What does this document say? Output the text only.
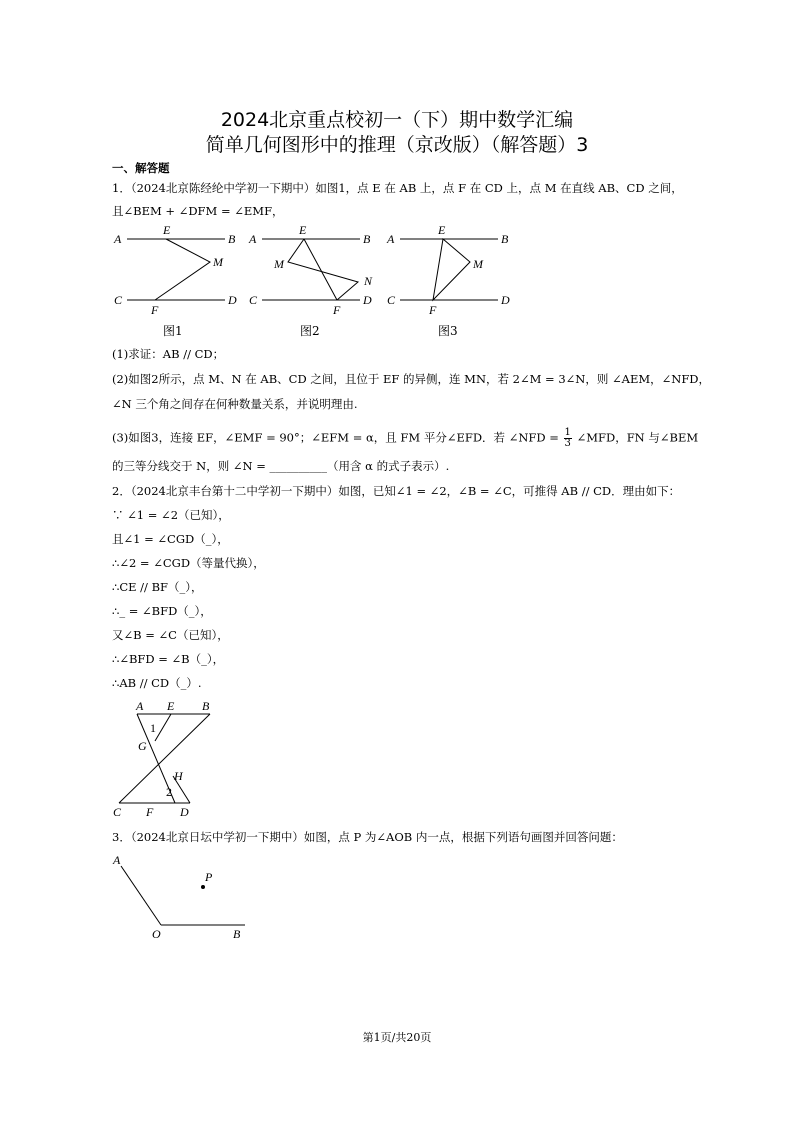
2024北京重点校初一（下）期中数学汇编
简单几何图形中的推理（京改版）（解答题）3
一、解答题
1．（2024北京陈经纶中学初一下期中）如图1，点 E 在 AB 上，点 F 在 CD 上，点 M 在直线 AB、CD 之间，
且∠BEM + ∠DFM = ∠EMF，
A
E
B
M
C
F
D
A
E
B
M
N
C
F
D
A
E
B
M
C
F
D
图1	图2	图3
(1)求证：AB // CD；
(2)如图2所示，点 M、N 在 AB、CD 之间，且位于 EF 的异侧，连 MN，若 2∠M = 3∠N，则 ∠AEM，∠NFD，
∠N 三个角之间存在何种数量关系，并说明理由.
(3)如图3，连接 EF，∠EMF = 90°；∠EFM = α，且 FM 平分∠EFD．若 ∠NFD = $\frac{1}{3}$ ∠MFD，FN 与∠BEM
的三等分线交于 N，则 ∠N = __________（用含 α 的式子表示）.
2．（2024北京丰台第十二中学初一下期中）如图，已知∠1 = ∠2，∠B = ∠C，可推得 AB // CD．理由如下：
∵ ∠1 = ∠2（已知），
且∠1 = ∠CGD（_），
∴∠2 = ∠CGD（等量代换），
∴CE // BF（_），
∴_ = ∠BFD（_），
又∠B = ∠C（已知），
∴∠BFD = ∠B（_），
∴AB // CD（_）.
A E B
1
G
H
2
C F D
3．（2024北京日坛中学初一下期中）如图，点 P 为∠AOB 内一点，根据下列语句画图并回答问题：
A
P
O	B
第1页/共20页
